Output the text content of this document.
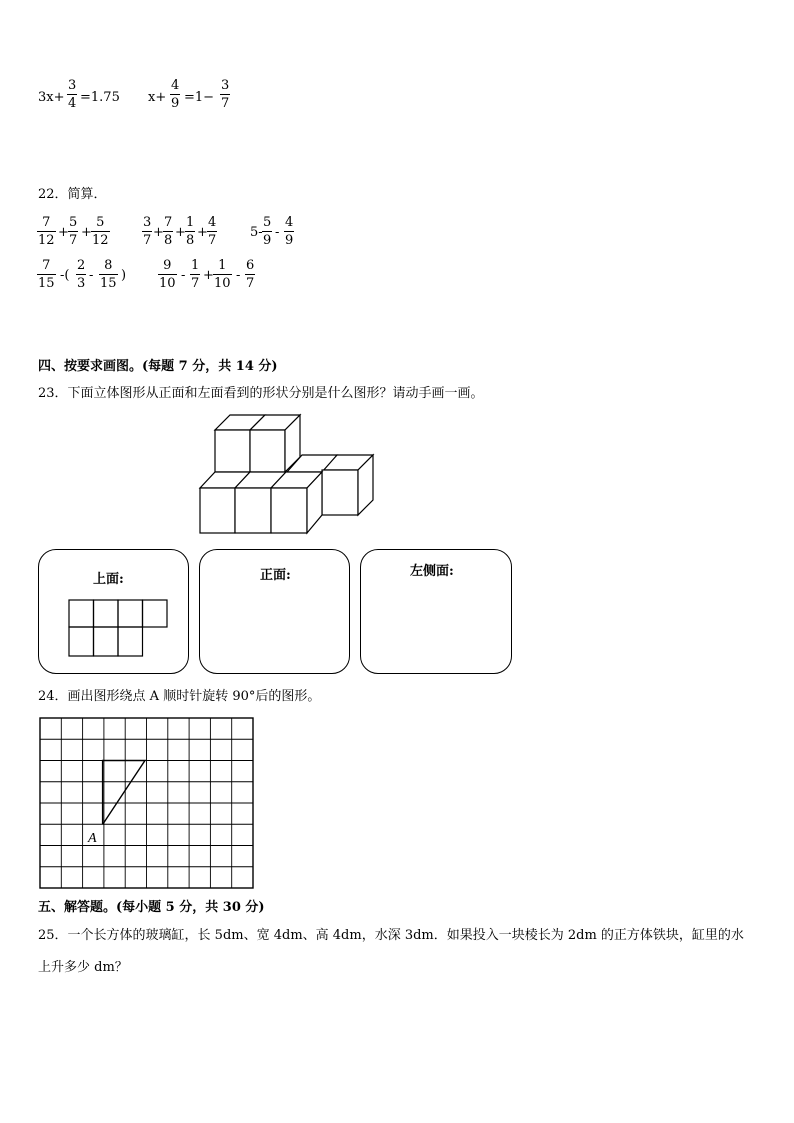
3x+
3
4 =1.75 x+
4
9 =1−
3
7
22．简算．
7
12
+
5
7
+
5
12
3
7
+
7
8
+
1
8
+
4
7
5-
5
9
-
4
9
7
15
-(
2
3
-
8
15
)
9
10
-
1
7
+
1
10
-
6
7
四、按要求画图。(每题 7 分，共 14 分)
23．下面立体图形从正面和左面看到的形状分别是什么图形？请动手画一画。
上面:	正面:	左侧面:
24．画出图形绕点 A 顺时针旋转 90°后的图形。
A
五、解答题。(每小题 5 分，共 30 分)
25．一个长方体的玻璃缸，长 5dm、宽 4dm、高 4dm，水深 3dm．如果投入一块棱长为 2dm 的正方体铁块，缸里的水
上升多少 dm？
